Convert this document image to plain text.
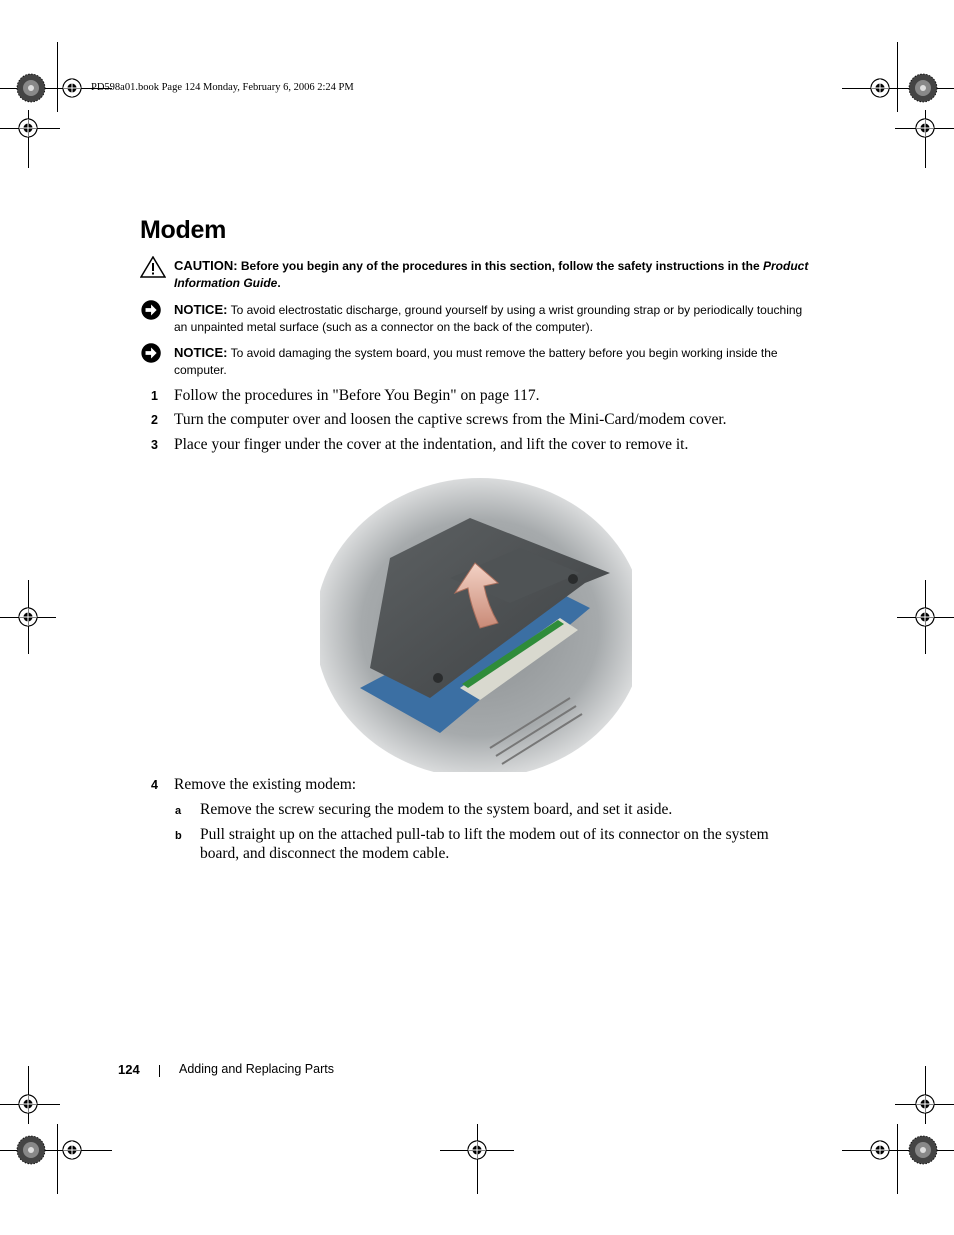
PD598a01.book Page 124 Monday, February 6, 2006 2:24 PM
Modem
CAUTION: Before you begin any of the procedures in this section, follow the safety instructions in the Product Information Guide.
NOTICE: To avoid electrostatic discharge, ground yourself by using a wrist grounding strap or by periodically touching an unpainted metal surface (such as a connector on the back of the computer).
NOTICE: To avoid damaging the system board, you must remove the battery before you begin working inside the computer.
1 Follow the procedures in "Before You Begin" on page 117.
2 Turn the computer over and loosen the captive screws from the Mini-Card/modem cover.
3 Place your finger under the cover at the indentation, and lift the cover to remove it.
4 Remove the existing modem:
a Remove the screw securing the modem to the system board, and set it aside.
b Pull straight up on the attached pull-tab to lift the modem out of its connector on the system board, and disconnect the modem cable.
124	Adding and Replacing Parts
